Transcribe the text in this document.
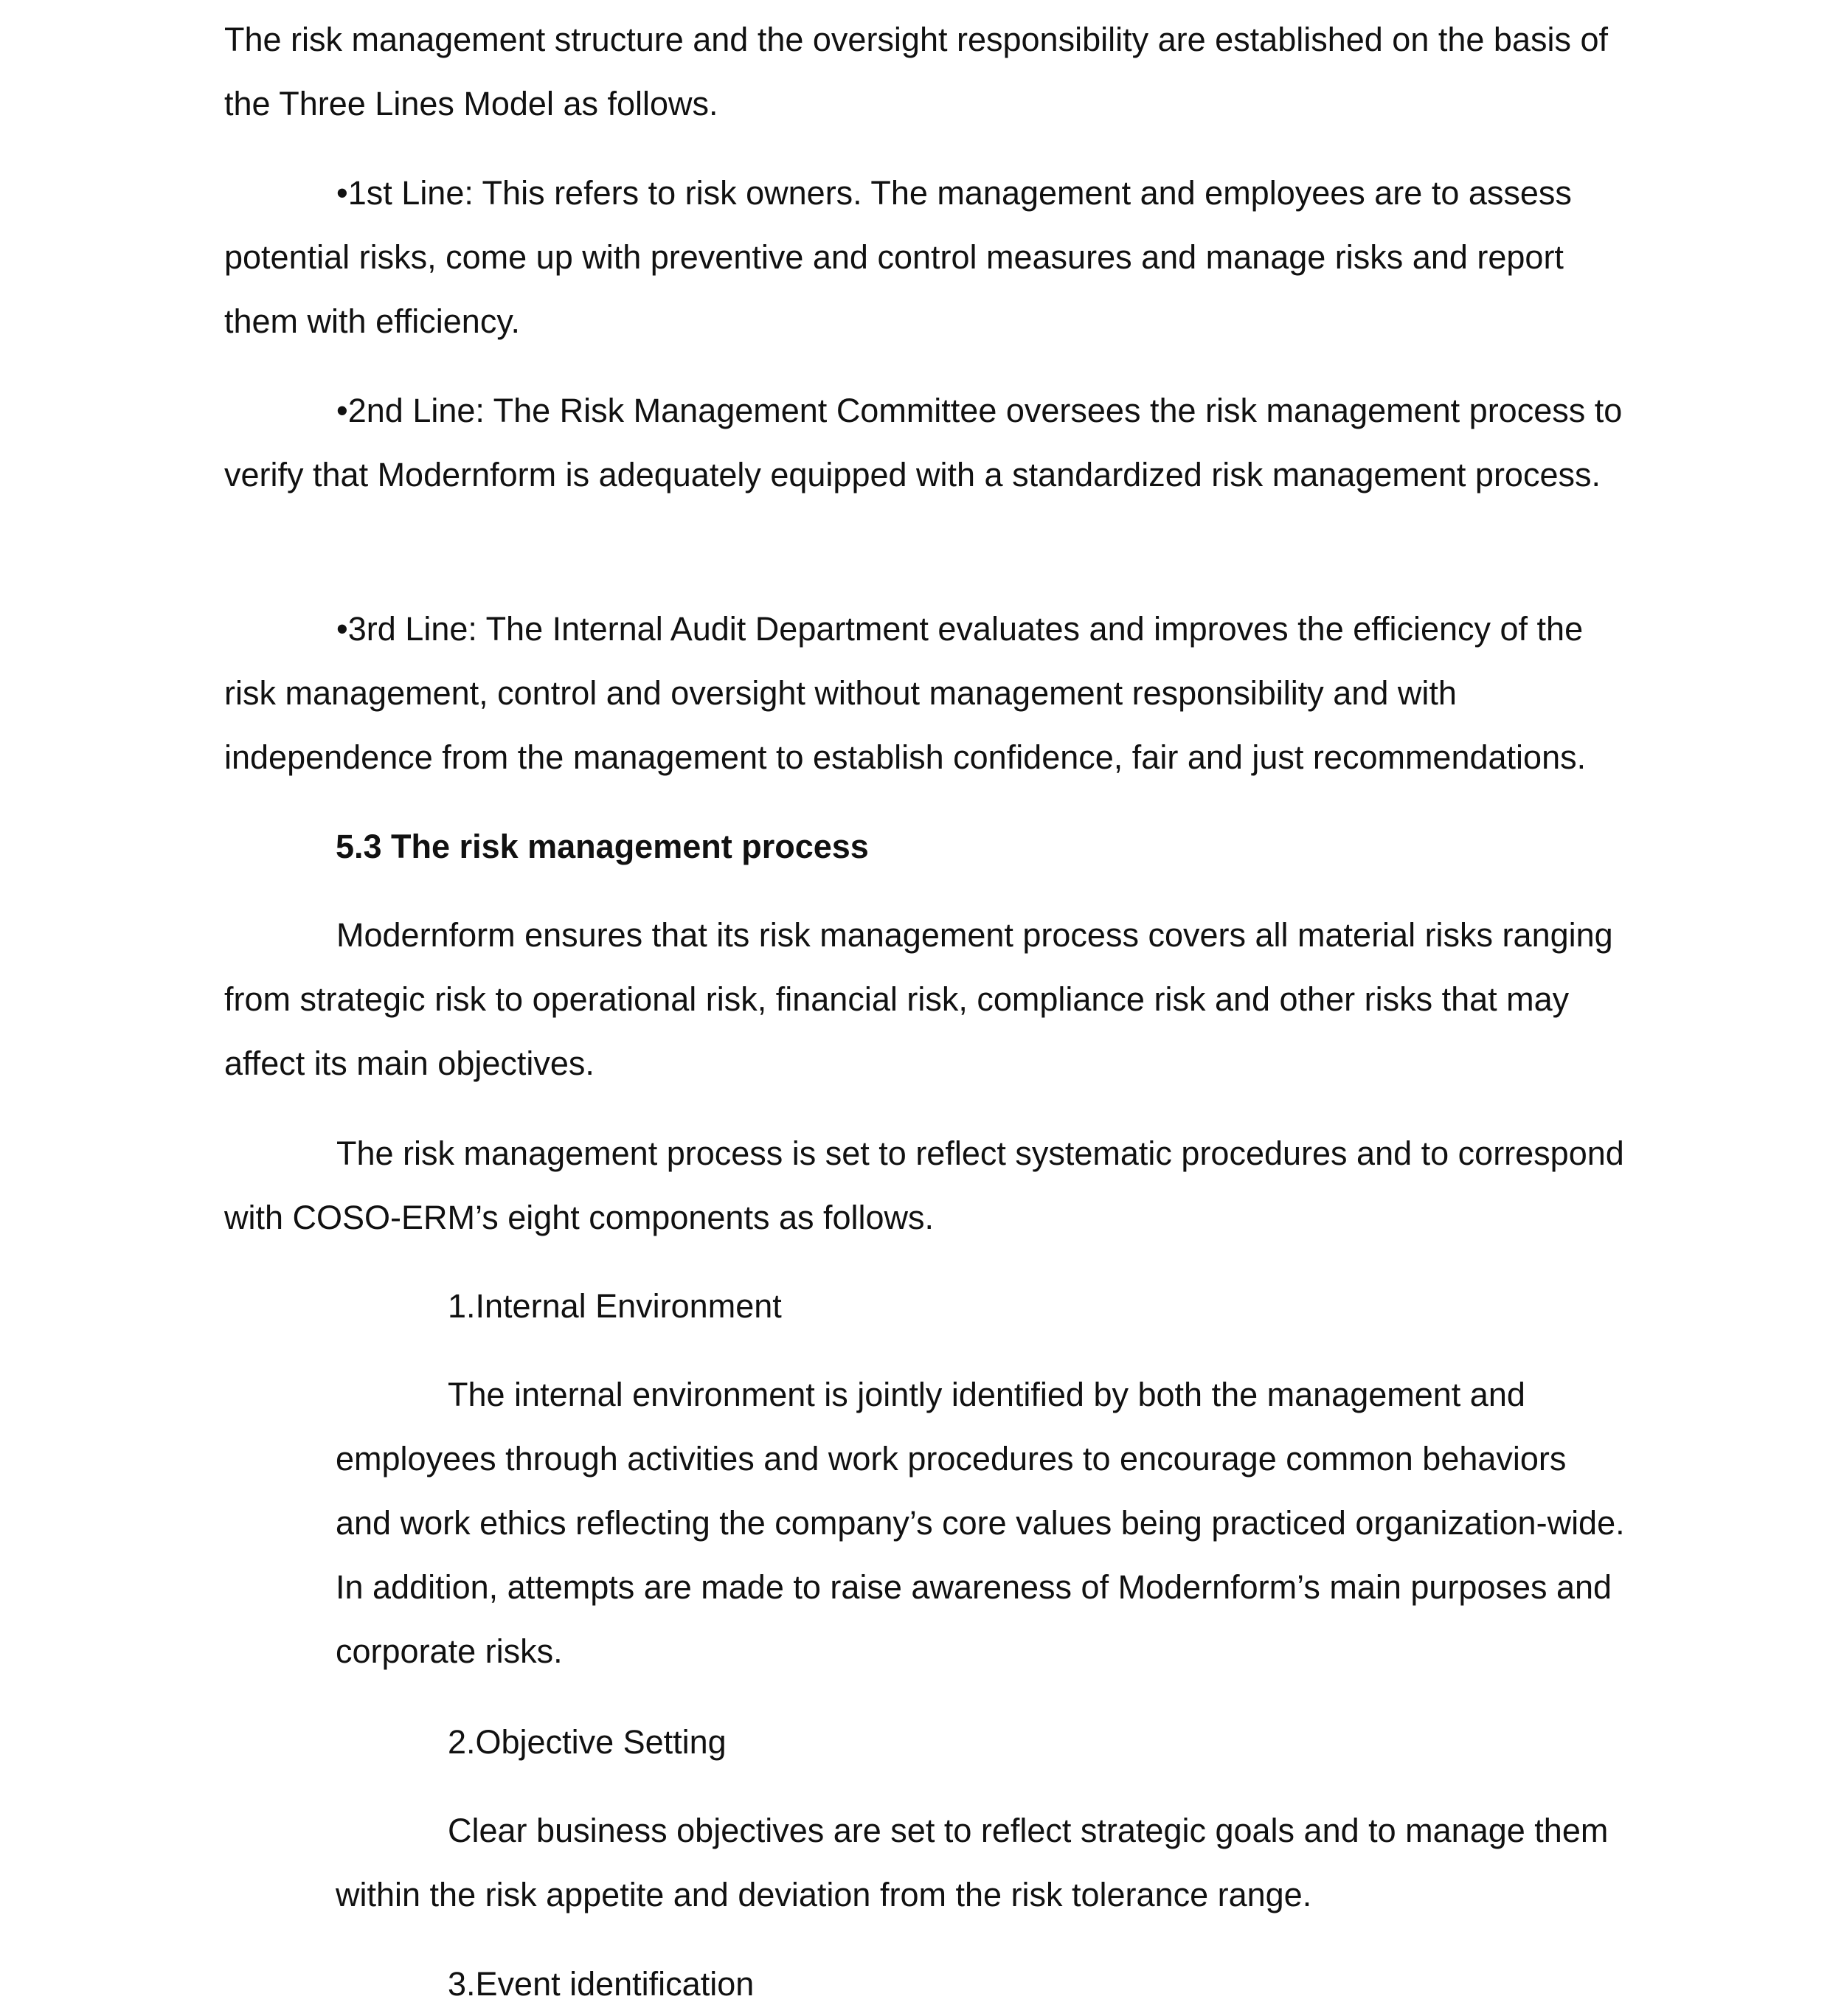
The risk management structure and the oversight responsibility are established on the basis of the Three Lines Model as follows.

•1st Line: This refers to risk owners. The management and employees are to assess potential risks, come up with preventive and control measures and manage risks and report them with efficiency.

•2nd Line: The Risk Management Committee oversees the risk management process to verify that Modernform is adequately equipped with a standardized risk management process.

•3rd Line: The Internal Audit Department evaluates and improves the efficiency of the risk management, control and oversight without management responsibility and with independence from the management to establish confidence, fair and just recommendations.

5.3 The risk management process

Modernform ensures that its risk management process covers all material risks ranging from strategic risk to operational risk, financial risk, compliance risk and other risks that may affect its main objectives.

The risk management process is set to reflect systematic procedures and to correspond with COSO-ERM’s eight components as follows.

1.Internal Environment

The internal environment is jointly identified by both the management and employees through activities and work procedures to encourage common behaviors and work ethics reflecting the company’s core values being practiced organization-wide. In addition, attempts are made to raise awareness of Modernform’s main purposes and corporate risks.

2.Objective Setting

Clear business objectives are set to reflect strategic goals and to manage them within the risk appetite and deviation from the risk tolerance range.

3.Event identification
